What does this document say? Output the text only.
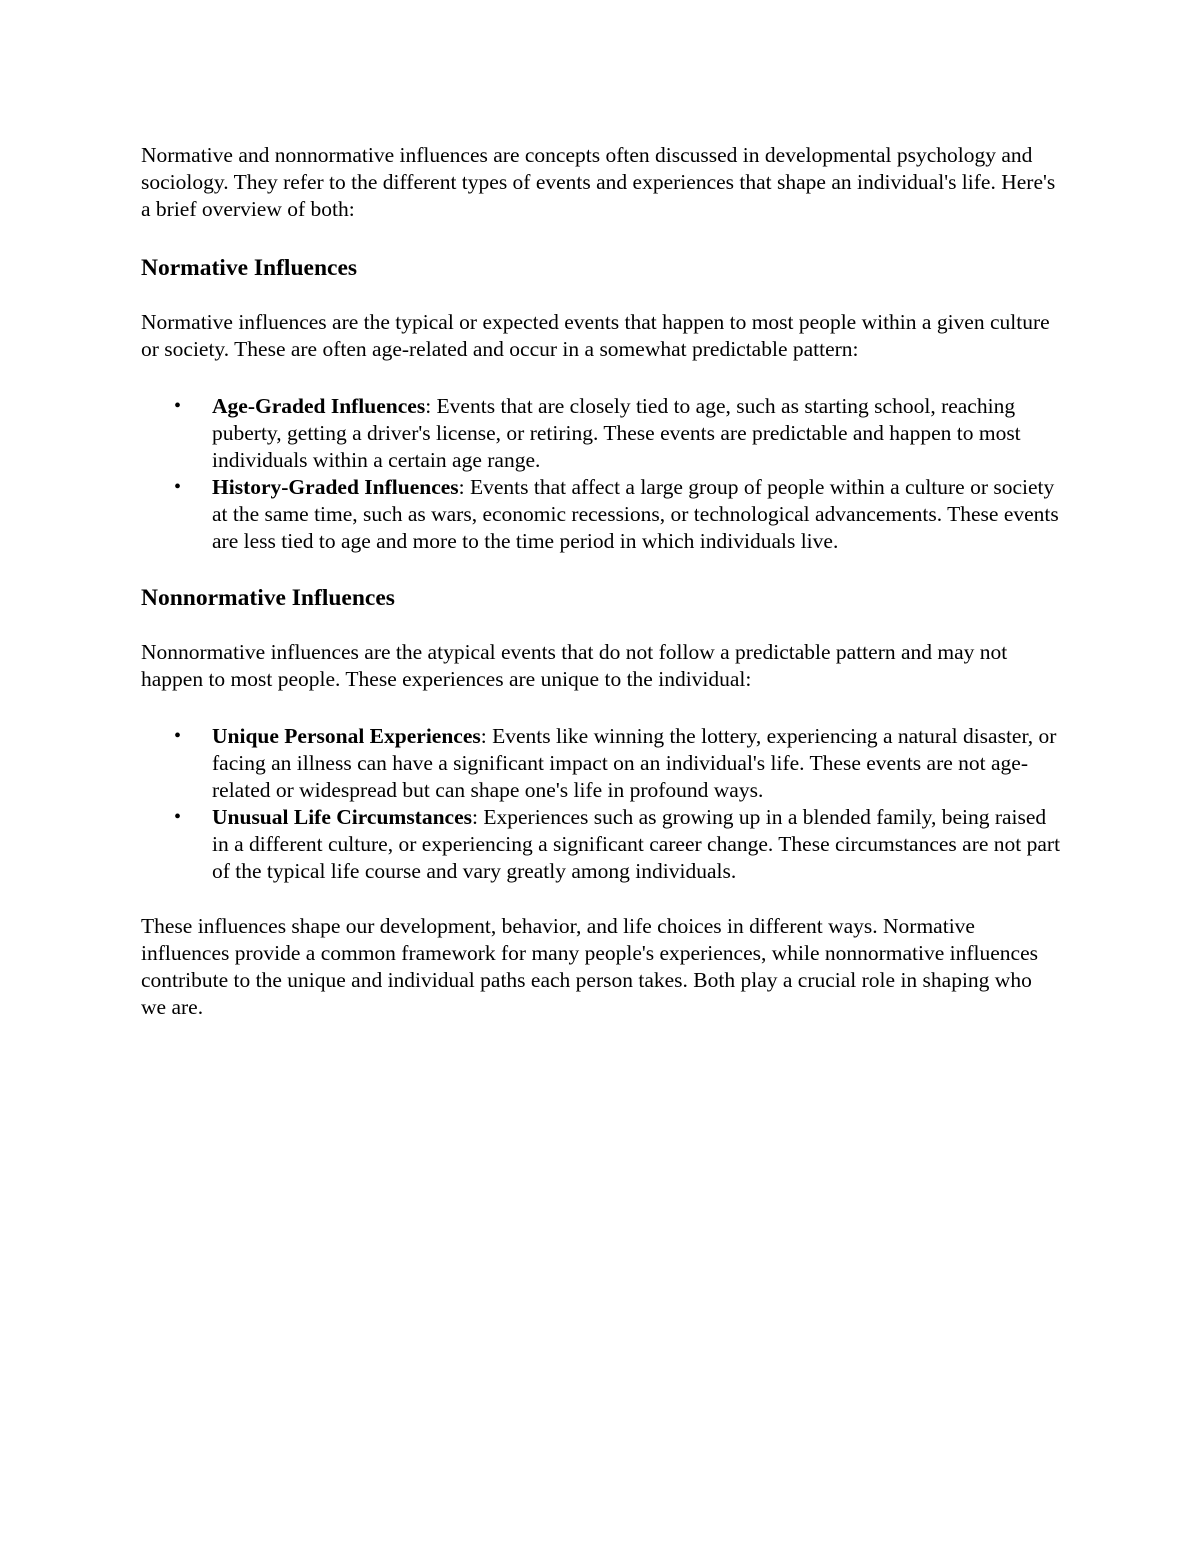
Normative and nonnormative influences are concepts often discussed in developmental psychology and sociology. They refer to the different types of events and experiences that shape an individual's life. Here's a brief overview of both:

Normative Influences

Normative influences are the typical or expected events that happen to most people within a given culture or society. These are often age-related and occur in a somewhat predictable pattern:

• Age-Graded Influences: Events that are closely tied to age, such as starting school, reaching puberty, getting a driver's license, or retiring. These events are predictable and happen to most individuals within a certain age range.
• History-Graded Influences: Events that affect a large group of people within a culture or society at the same time, such as wars, economic recessions, or technological advancements. These events are less tied to age and more to the time period in which individuals live.
Nonnormative Influences

Nonnormative influences are the atypical events that do not follow a predictable pattern and may not happen to most people. These experiences are unique to the individual:

• Unique Personal Experiences: Events like winning the lottery, experiencing a natural disaster, or facing an illness can have a significant impact on an individual's life. These events are not age-related or widespread but can shape one's life in profound ways.
• Unusual Life Circumstances: Experiences such as growing up in a blended family, being raised in a different culture, or experiencing a significant career change. These circumstances are not part of the typical life course and vary greatly among individuals.

These influences shape our development, behavior, and life choices in different ways. Normative influences provide a common framework for many people's experiences, while nonnormative influences contribute to the unique and individual paths each person takes. Both play a crucial role in shaping who we are.
